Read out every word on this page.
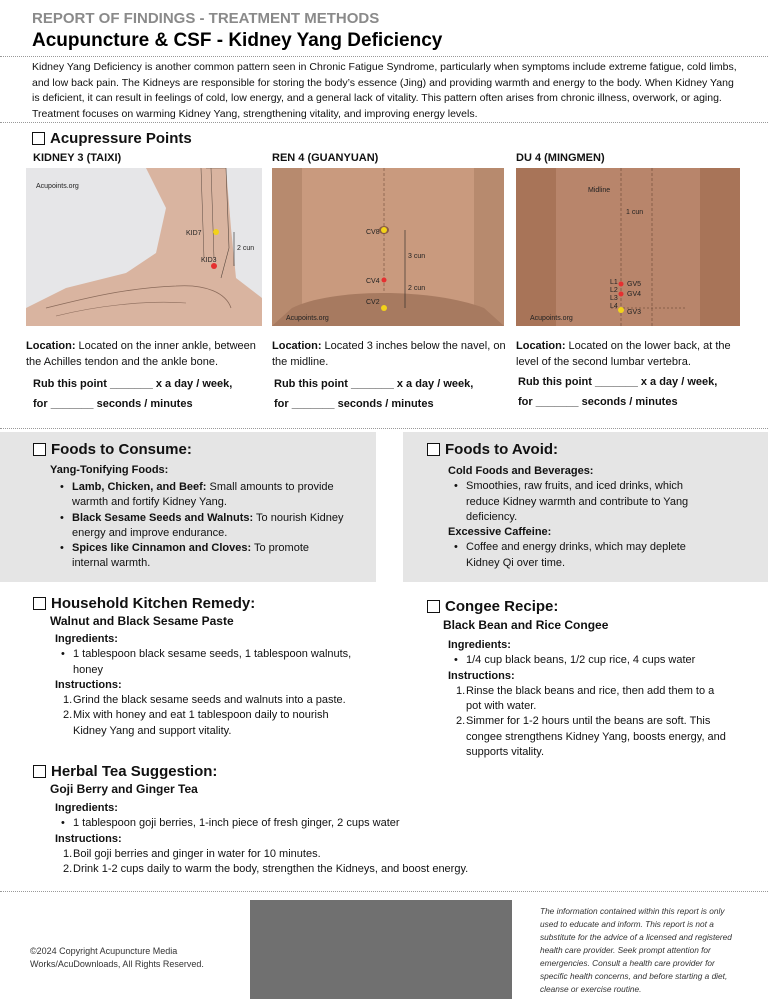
REPORT OF FINDINGS - TREATMENT METHODS
Acupuncture & CSF - Kidney Yang Deficiency
Kidney Yang Deficiency is another common pattern seen in Chronic Fatigue Syndrome, particularly when symptoms include extreme fatigue, cold limbs, and low back pain. The Kidneys are responsible for storing the body’s essence (Jing) and providing warmth and energy to the body. When Kidney Yang is deficient, it can result in feelings of cold, low energy, and a general lack of vitality. This pattern often arises from chronic illness, overwork, or aging. Treatment focuses on warming Kidney Yang, strengthening vitality, and improving energy levels.
Acupressure Points
KIDNEY 3 (TAIXI)
Acupoints.org
KID7
KID3
2 cun
Location: Located on the inner ankle, between the Achilles tendon and the ankle bone.
Rub this point _______ x a day / week,
for _______ seconds / minutes
REN 4 (GUANYUAN)
CV8
3 cun
CV4
2 cun
CV2
Acupoints.org
Location: Located 3 inches below the navel, on the midline.
Rub this point _______ x a day / week,
for _______ seconds / minutes
DU 4 (MINGMEN)
Midline
1 cun
L1
L2
L3
L4
GV5
GV4
GV3
Acupoints.org
Location: Located on the lower back, at the level of the second lumbar vertebra.
Rub this point _______ x a day / week,
for _______ seconds / minutes
Foods to Consume:
Yang-Tonifying Foods:
• Lamb, Chicken, and Beef: Small amounts to provide warmth and fortify Kidney Yang.
• Black Sesame Seeds and Walnuts: To nourish Kidney energy and improve endurance.
• Spices like Cinnamon and Cloves: To promote internal warmth.
Foods to Avoid:
Cold Foods and Beverages:
• Smoothies, raw fruits, and iced drinks, which reduce Kidney warmth and contribute to Yang deficiency.
Excessive Caffeine:
• Coffee and energy drinks, which may deplete Kidney Qi over time.
Household Kitchen Remedy:
Walnut and Black Sesame Paste
Ingredients:
• 1 tablespoon black sesame seeds, 1 tablespoon walnuts, honey
Instructions:
1. Grind the black sesame seeds and walnuts into a paste.
2. Mix with honey and eat 1 tablespoon daily to nourish Kidney Yang and support vitality.
Congee Recipe:
Black Bean and Rice Congee
Ingredients:
• 1/4 cup black beans, 1/2 cup rice, 4 cups water
Instructions:
1. Rinse the black beans and rice, then add them to a pot with water.
2. Simmer for 1-2 hours until the beans are soft. This congee strengthens Kidney Yang, boosts energy, and supports vitality.
Herbal Tea Suggestion:
Goji Berry and Ginger Tea
Ingredients:
• 1 tablespoon goji berries, 1-inch piece of fresh ginger, 2 cups water
Instructions:
1. Boil goji berries and ginger in water for 10 minutes.
2. Drink 1-2 cups daily to warm the body, strengthen the Kidneys, and boost energy.
©2024 Copyright Acupuncture Media Works/AcuDownloads, All Rights Reserved.
The information contained within this report is only used to educate and inform. This report is not a substitute for the advice of a licensed and registered health care provider. Seek prompt attention for emergencies. Consult a health care provider for specific health concerns, and before starting a diet, cleanse or exercise routine.
